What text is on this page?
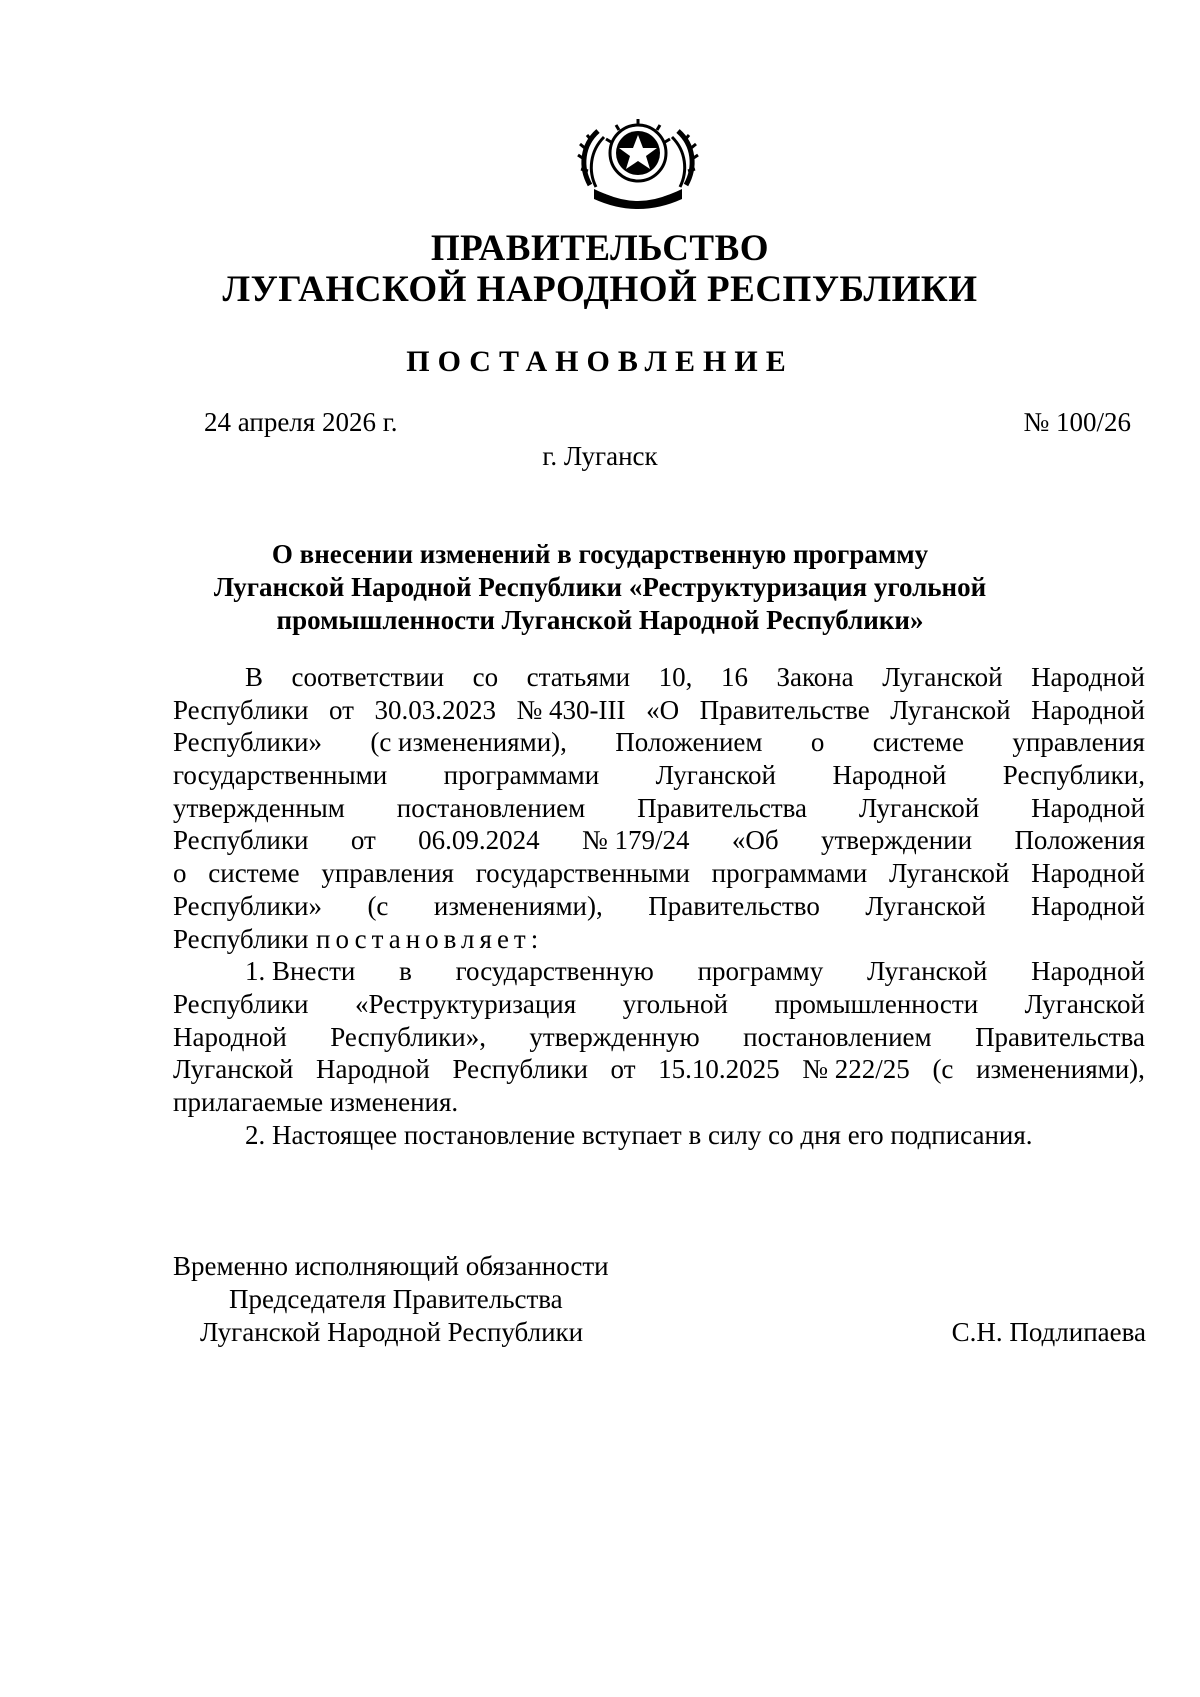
ПРАВИТЕЛЬСТВО
ЛУГАНСКОЙ НАРОДНОЙ РЕСПУБЛИКИ
ПОСТАНОВЛЕНИЕ
24 апреля 2026 г.	№ 100/26
г. Луганск
О внесении изменений в государственную программу
Луганской Народной Республики «Реструктуризация угольной
промышленности Луганской Народной Республики»
В соответствии со статьями 10, 16 Закона Луганской Народной
Республики от 30.03.2023 № 430-III «О Правительстве Луганской Народной
Республики» (с изменениями), Положением о системе управления
государственными программами Луганской Народной Республики,
утвержденным постановлением Правительства Луганской Народной
Республики от 06.09.2024 № 179/24 «Об утверждении Положения
о системе управления государственными программами Луганской Народной
Республики» (с изменениями), Правительство Луганской Народной
Республики постановляет:
1. Внести в государственную программу Луганской Народной
Республики «Реструктуризация угольной промышленности Луганской
Народной Республики», утвержденную постановлением Правительства
Луганской Народной Республики от 15.10.2025 № 222/25 (с изменениями),
прилагаемые изменения.
2. Настоящее постановление вступает в силу со дня его подписания.
Временно исполняющий обязанности
Председателя Правительства
Луганской Народной Республики	С.Н. Подлипаева
